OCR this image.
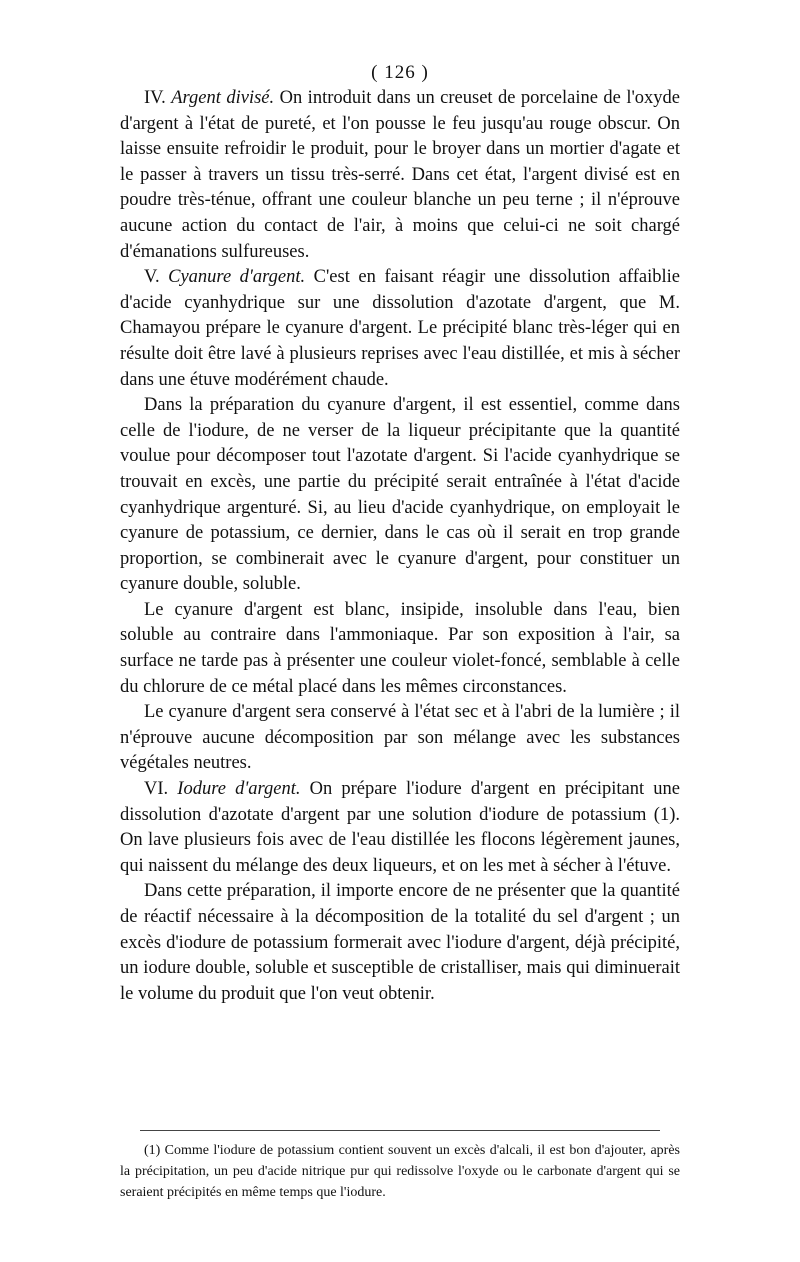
( 126 )

IV. Argent divisé. On introduit dans un creuset de porcelaine de l'oxyde d'argent à l'état de pureté, et l'on pousse le feu jusqu'au rouge obscur. On laisse ensuite refroidir le produit, pour le broyer dans un mortier d'agate et le passer à travers un tissu très-serré. Dans cet état, l'argent divisé est en poudre très-ténue, offrant une couleur blanche un peu terne ; il n'éprouve aucune action du contact de l'air, à moins que celui-ci ne soit chargé d'émanations sulfureuses.

V. Cyanure d'argent. C'est en faisant réagir une dissolution affaiblie d'acide cyanhydrique sur une dissolution d'azotate d'argent, que M. Chamayou prépare le cyanure d'argent. Le précipité blanc très-léger qui en résulte doit être lavé à plusieurs reprises avec l'eau distillée, et mis à sécher dans une étuve modérément chaude.

Dans la préparation du cyanure d'argent, il est essentiel, comme dans celle de l'iodure, de ne verser de la liqueur précipitante que la quantité voulue pour décomposer tout l'azotate d'argent. Si l'acide cyanhydrique se trouvait en excès, une partie du précipité serait entraînée à l'état d'acide cyanhydrique argenturé. Si, au lieu d'acide cyanhydrique, on employait le cyanure de potassium, ce dernier, dans le cas où il serait en trop grande proportion, se combinerait avec le cyanure d'argent, pour constituer un cyanure double, soluble.

Le cyanure d'argent est blanc, insipide, insoluble dans l'eau, bien soluble au contraire dans l'ammoniaque. Par son exposition à l'air, sa surface ne tarde pas à présenter une couleur violet-foncé, semblable à celle du chlorure de ce métal placé dans les mêmes circonstances.

Le cyanure d'argent sera conservé à l'état sec et à l'abri de la lumière ; il n'éprouve aucune décomposition par son mélange avec les substances végétales neutres.

VI. Iodure d'argent. On prépare l'iodure d'argent en précipitant une dissolution d'azotate d'argent par une solution d'iodure de potassium (1). On lave plusieurs fois avec de l'eau distillée les flocons légèrement jaunes, qui naissent du mélange des deux liqueurs, et on les met à sécher à l'étuve.

Dans cette préparation, il importe encore de ne présenter que la quantité de réactif nécessaire à la décomposition de la totalité du sel d'argent ; un excès d'iodure de potassium formerait avec l'iodure d'argent, déjà précipité, un iodure double, soluble et susceptible de cristalliser, mais qui diminuerait le volume du produit que l'on veut obtenir.

(1) Comme l'iodure de potassium contient souvent un excès d'alcali, il est bon d'ajouter, après la précipitation, un peu d'acide nitrique pur qui redissolve l'oxyde ou le carbonate d'argent qui se seraient précipités en même temps que l'iodure.
